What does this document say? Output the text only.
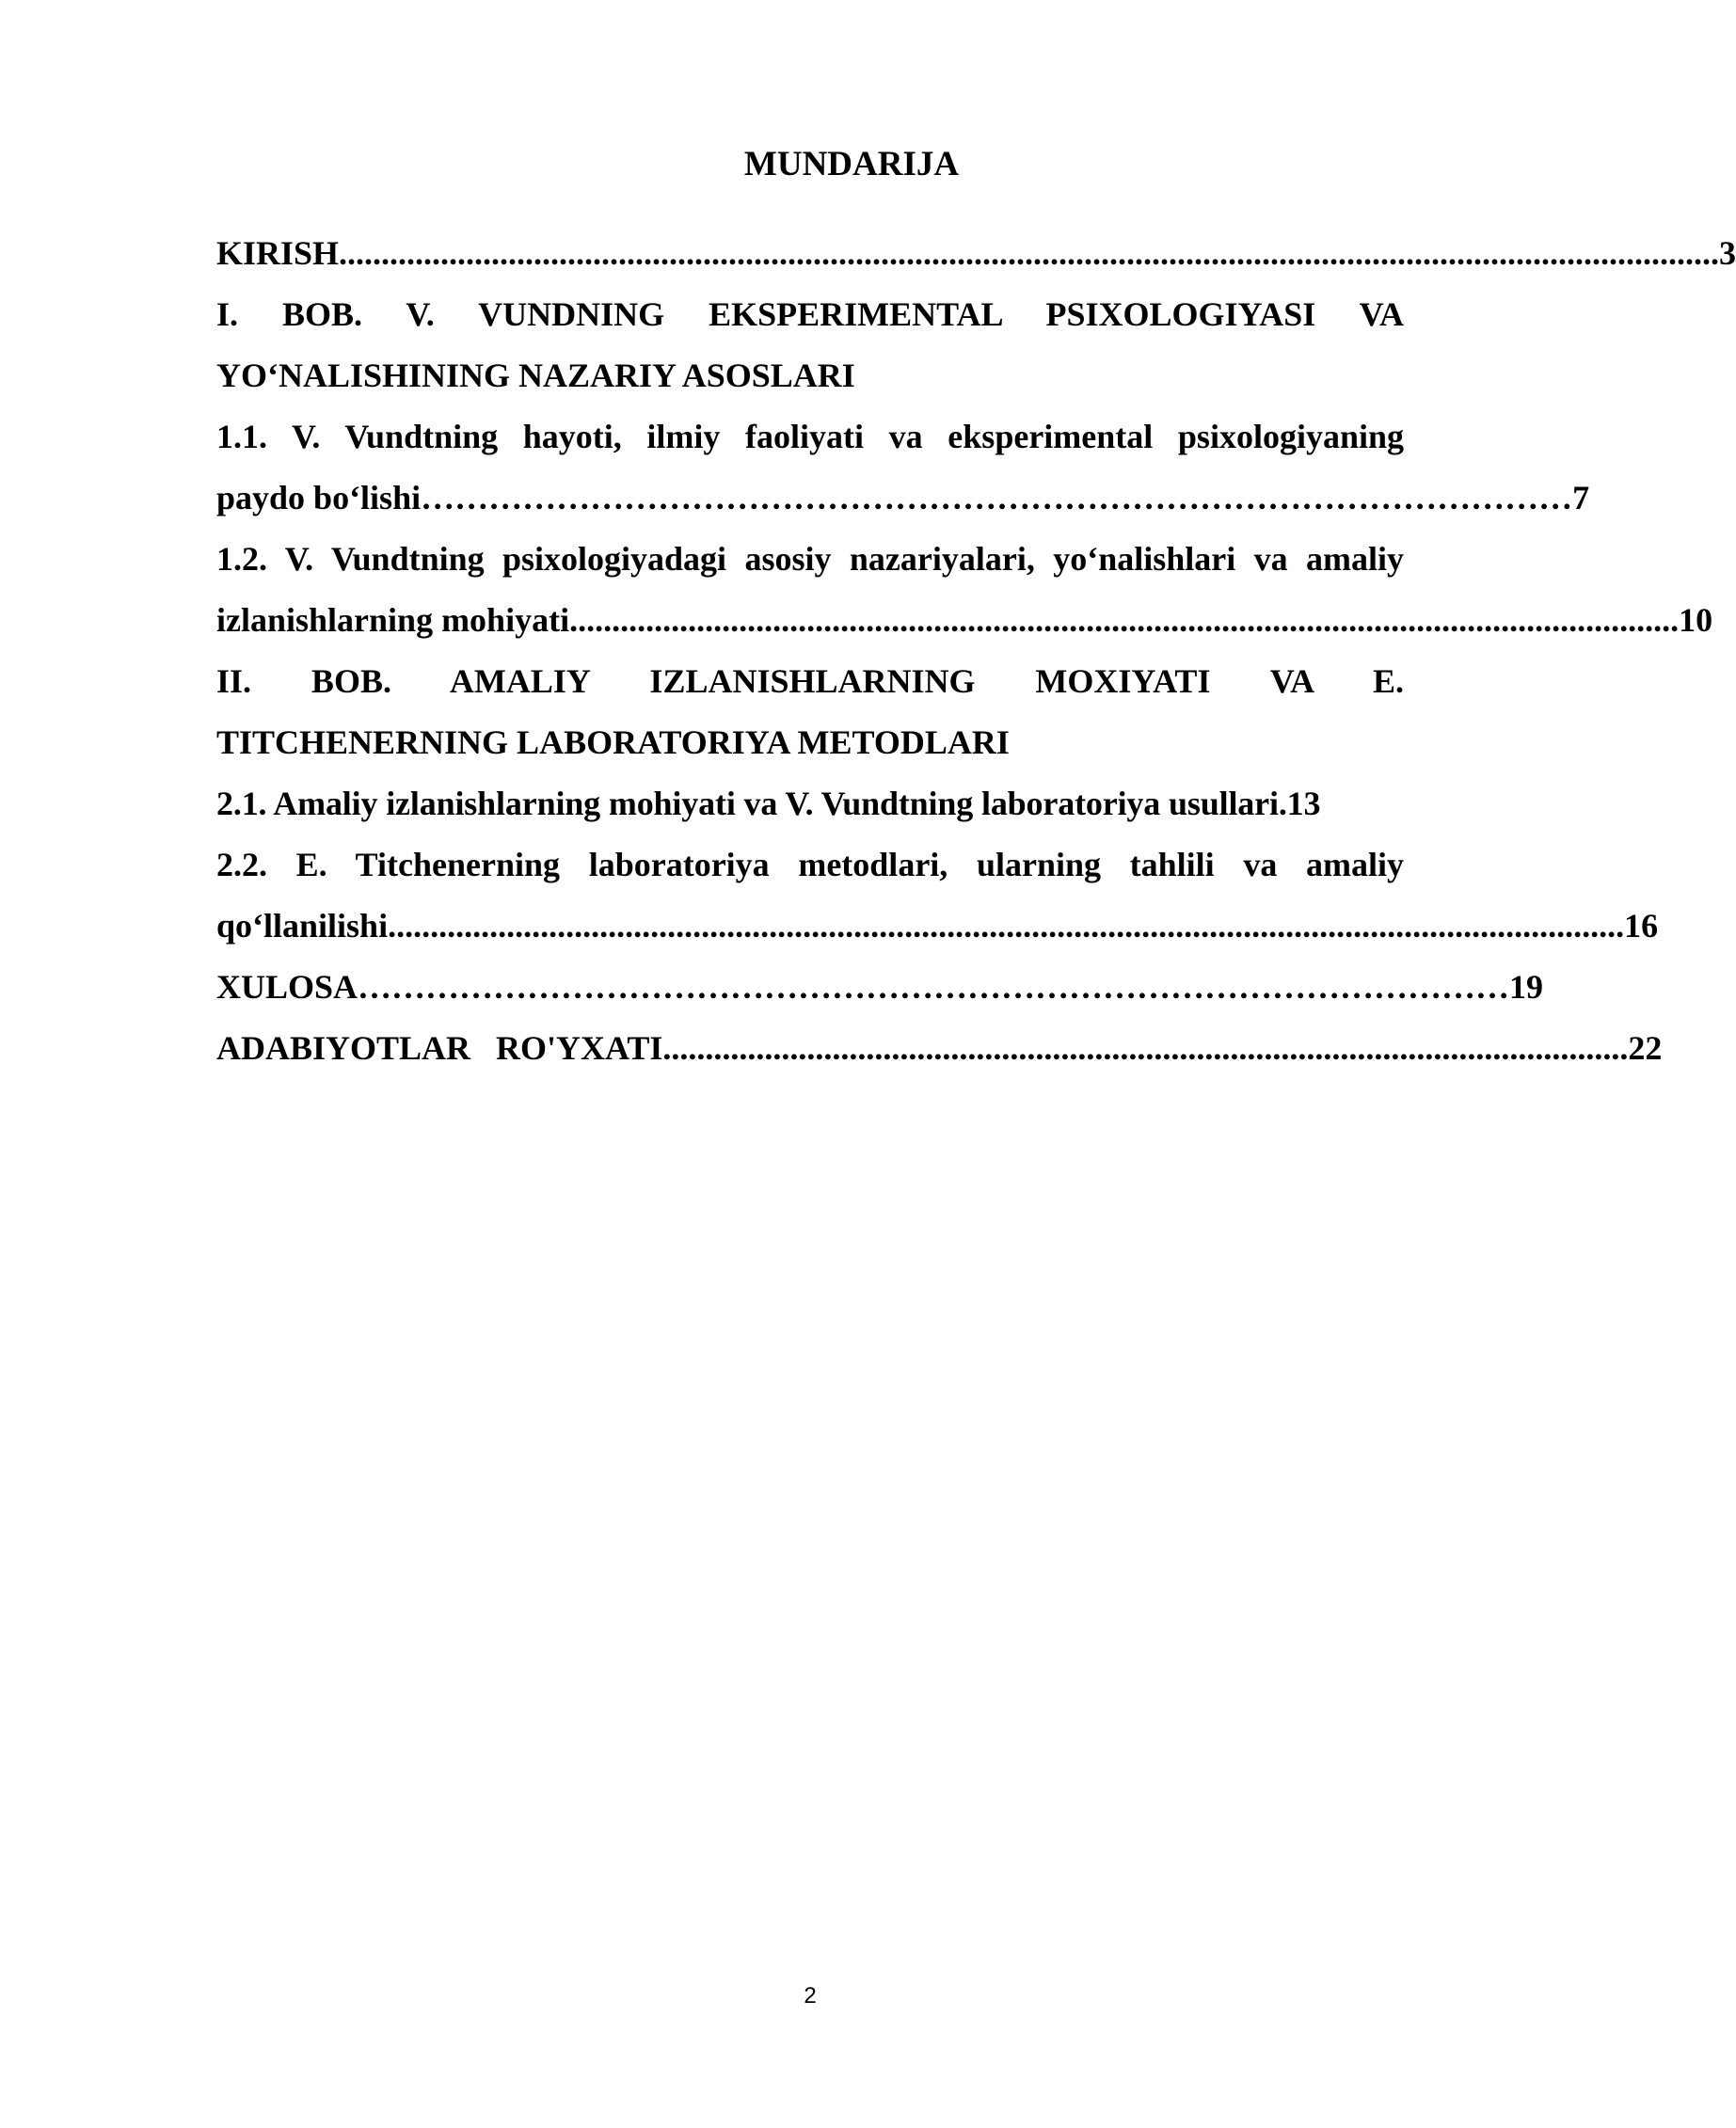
MUNDARIJA
KIRISH ................................................................................................................................................................... 3
I. BOB. V. VUNDNING EKSPERIMENTAL PSIXOLOGIYASI VA
YO‘NALISHINING NAZARIY ASOSLARI
1.1. V. Vundtning hayoti, ilmiy faoliyati va eksperimental psixologiyaning
paydo bo‘lishi ………………………………………………………………………………………… 7
1.2. V. Vundtning psixologiyadagi asosiy nazariyalari, yo‘nalishlari va amaliy
izlanishlarning mohiyati ................................................................................................................................... 10
II. BOB. AMALIY IZLANISHLARNING MOXIYATI VA E.
TITCHENERNING LABORATORIYA METODLARI
2.1. Amaliy izlanishlarning mohiyati va V. Vundtning laboratoriya usullari.13
2.2. E. Titchenerning laboratoriya metodlari, ularning tahlili va amaliy
qo‘llanilishi .................................................................................................................................................. 16
XULOSA ………………………………………………………………………………………… 19
ADABIYOTLAR   RO'YXATI .................................................................................................................. 22
2
